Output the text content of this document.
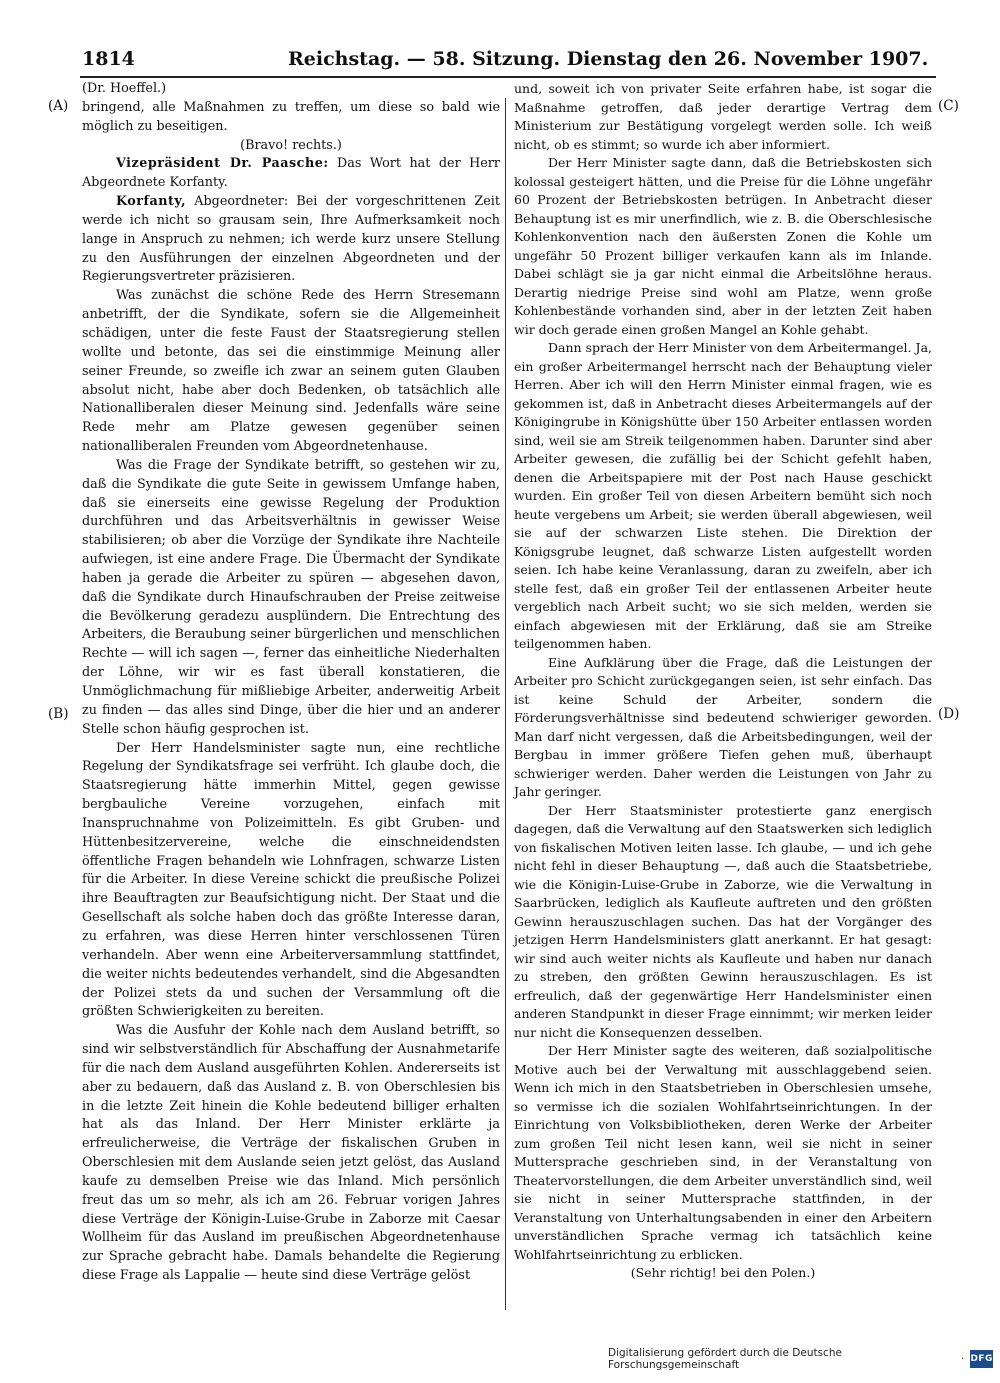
1814	Reichstag. — 58. Sitzung. Dienstag den 26. November 1907.
(A)
(B)
(C)
(D)

(Dr. Hoeffel.)

bringend, alle Maßnahmen zu treffen, um diese so bald wie möglich zu beseitigen.

(Bravo! rechts.)

Vizepräsident Dr. Paasche: Das Wort hat der Herr Abgeordnete Korfanty.

Korfanty, Abgeordneter: Bei der vorgeschrittenen Zeit werde ich nicht so grausam sein, Ihre Aufmerksamkeit noch lange in Anspruch zu nehmen; ich werde kurz unsere Stellung zu den Ausführungen der einzelnen Abgeordneten und der Regierungsvertreter präzisieren.

Was zunächst die schöne Rede des Herrn Stresemann anbetrifft, der die Syndikate, sofern sie die Allgemeinheit schädigen, unter die feste Faust der Staatsregierung stellen wollte und betonte, das sei die einstimmige Meinung aller seiner Freunde, so zweifle ich zwar an seinem guten Glauben absolut nicht, habe aber doch Bedenken, ob tatsächlich alle Nationalliberalen dieser Meinung sind. Jedenfalls wäre seine Rede mehr am Platze gewesen gegenüber seinen nationalliberalen Freunden vom Abgeordnetenhause.

Was die Frage der Syndikate betrifft, so gestehen wir zu, daß die Syndikate die gute Seite in gewissem Umfange haben, daß sie einerseits eine gewisse Regelung der Produktion durchführen und das Arbeitsverhältnis in gewisser Weise stabilisieren; ob aber die Vorzüge der Syndikate ihre Nachteile aufwiegen, ist eine andere Frage. Die Übermacht der Syndikate haben ja gerade die Arbeiter zu spüren — abgesehen davon, daß die Syndikate durch Hinaufschrauben der Preise zeitweise die Bevölkerung geradezu ausplündern. Die Entrechtung des Arbeiters, die Beraubung seiner bürgerlichen und menschlichen Rechte — will ich sagen —, ferner das einheitliche Niederhalten der Löhne, wir wir es fast überall konstatieren, die Unmöglichmachung für mißliebige Arbeiter, anderweitig Arbeit zu finden — das alles sind Dinge, über die hier und an anderer Stelle schon häufig gesprochen ist.

Der Herr Handelsminister sagte nun, eine rechtliche Regelung der Syndikatsfrage sei verfrüht. Ich glaube doch, die Staatsregierung hätte immerhin Mittel, gegen gewisse bergbauliche Vereine vorzugehen, einfach mit Inanspruchnahme von Polizeimitteln. Es gibt Gruben- und Hüttenbesitzervereine, welche die einschneidendsten öffentliche Fragen behandeln wie Lohnfragen, schwarze Listen für die Arbeiter. In diese Vereine schickt die preußische Polizei ihre Beauftragten zur Beaufsichtigung nicht. Der Staat und die Gesellschaft als solche haben doch das größte Interesse daran, zu erfahren, was diese Herren hinter verschlossenen Türen verhandeln. Aber wenn eine Arbeiterversammlung stattfindet, die weiter nichts bedeutendes verhandelt, sind die Abgesandten der Polizei stets da und suchen der Versammlung oft die größten Schwierigkeiten zu bereiten.

Was die Ausfuhr der Kohle nach dem Ausland betrifft, so sind wir selbstverständlich für Abschaffung der Ausnahmetarife für die nach dem Ausland ausgeführten Kohlen. Andererseits ist aber zu bedauern, daß das Ausland z. B. von Oberschlesien bis in die letzte Zeit hinein die Kohle bedeutend billiger erhalten hat als das Inland. Der Herr Minister erklärte ja erfreulicherweise, die Verträge der fiskalischen Gruben in Oberschlesien mit dem Auslande seien jetzt gelöst, das Ausland kaufe zu demselben Preise wie das Inland. Mich persönlich freut das um so mehr, als ich am 26. Februar vorigen Jahres diese Verträge der Königin-Luise-Grube in Zaborze mit Caesar Wollheim für das Ausland im preußischen Abgeordnetenhause zur Sprache gebracht habe. Damals behandelte die Regierung diese Frage als Lappalie — heute sind diese Verträge gelöst

und, soweit ich von privater Seite erfahren habe, ist sogar die Maßnahme getroffen, daß jeder derartige Vertrag dem Ministerium zur Bestätigung vorgelegt werden solle. Ich weiß nicht, ob es stimmt; so wurde ich aber informiert.

Der Herr Minister sagte dann, daß die Betriebskosten sich kolossal gesteigert hätten, und die Preise für die Löhne ungefähr 60 Prozent der Betriebskosten betrügen. In Anbetracht dieser Behauptung ist es mir unerfindlich, wie z. B. die Oberschlesische Kohlenkonvention nach den äußersten Zonen die Kohle um ungefähr 50 Prozent billiger verkaufen kann als im Inlande. Dabei schlägt sie ja gar nicht einmal die Arbeitslöhne heraus. Derartig niedrige Preise sind wohl am Platze, wenn große Kohlenbestände vorhanden sind, aber in der letzten Zeit haben wir doch gerade einen großen Mangel an Kohle gehabt.

Dann sprach der Herr Minister von dem Arbeitermangel. Ja, ein großer Arbeitermangel herrscht nach der Behauptung vieler Herren. Aber ich will den Herrn Minister einmal fragen, wie es gekommen ist, daß in Anbetracht dieses Arbeitermangels auf der Königingrube in Königshütte über 150 Arbeiter entlassen worden sind, weil sie am Streik teilgenommen haben. Darunter sind aber Arbeiter gewesen, die zufällig bei der Schicht gefehlt haben, denen die Arbeitspapiere mit der Post nach Hause geschickt wurden. Ein großer Teil von diesen Arbeitern bemüht sich noch heute vergebens um Arbeit; sie werden überall abgewiesen, weil sie auf der schwarzen Liste stehen. Die Direktion der Königsgrube leugnet, daß schwarze Listen aufgestellt worden seien. Ich habe keine Veranlassung, daran zu zweifeln, aber ich stelle fest, daß ein großer Teil der entlassenen Arbeiter heute vergeblich nach Arbeit sucht; wo sie sich melden, werden sie einfach abgewiesen mit der Erklärung, daß sie am Streike teilgenommen haben.

Eine Aufklärung über die Frage, daß die Leistungen der Arbeiter pro Schicht zurückgegangen seien, ist sehr einfach. Das ist keine Schuld der Arbeiter, sondern die Förderungsverhältnisse sind bedeutend schwieriger geworden. Man darf nicht vergessen, daß die Arbeitsbedingungen, weil der Bergbau in immer größere Tiefen gehen muß, überhaupt schwieriger werden. Daher werden die Leistungen von Jahr zu Jahr geringer.

Der Herr Staatsminister protestierte ganz energisch dagegen, daß die Verwaltung auf den Staatswerken sich lediglich von fiskalischen Motiven leiten lasse. Ich glaube, — und ich gehe nicht fehl in dieser Behauptung —, daß auch die Staatsbetriebe, wie die Königin-Luise-Grube in Zaborze, wie die Verwaltung in Saarbrücken, lediglich als Kaufleute auftreten und den größten Gewinn herauszuschlagen suchen. Das hat der Vorgänger des jetzigen Herrn Handelsministers glatt anerkannt. Er hat gesagt: wir sind auch weiter nichts als Kaufleute und haben nur danach zu streben, den größten Gewinn herauszuschlagen. Es ist erfreulich, daß der gegenwärtige Herr Handelsminister einen anderen Standpunkt in dieser Frage einnimmt; wir merken leider nur nicht die Konsequenzen desselben.

Der Herr Minister sagte des weiteren, daß sozialpolitische Motive auch bei der Verwaltung mit ausschlaggebend seien. Wenn ich mich in den Staatsbetrieben in Oberschlesien umsehe, so vermisse ich die sozialen Wohlfahrtseinrichtungen. In der Einrichtung von Volksbibliotheken, deren Werke der Arbeiter zum großen Teil nicht lesen kann, weil sie nicht in seiner Muttersprache geschrieben sind, in der Veranstaltung von Theatervorstellungen, die dem Arbeiter unverständlich sind, weil sie nicht in seiner Muttersprache stattfinden, in der Veranstaltung von Unterhaltungsabenden in einer den Arbeitern unverständlichen Sprache vermag ich tatsächlich keine Wohlfahrtseinrichtung zu erblicken.

(Sehr richtig! bei den Polen.)

Digitalisierung gefördert durch die Deutsche Forschungsgemeinschaft	· DFG
